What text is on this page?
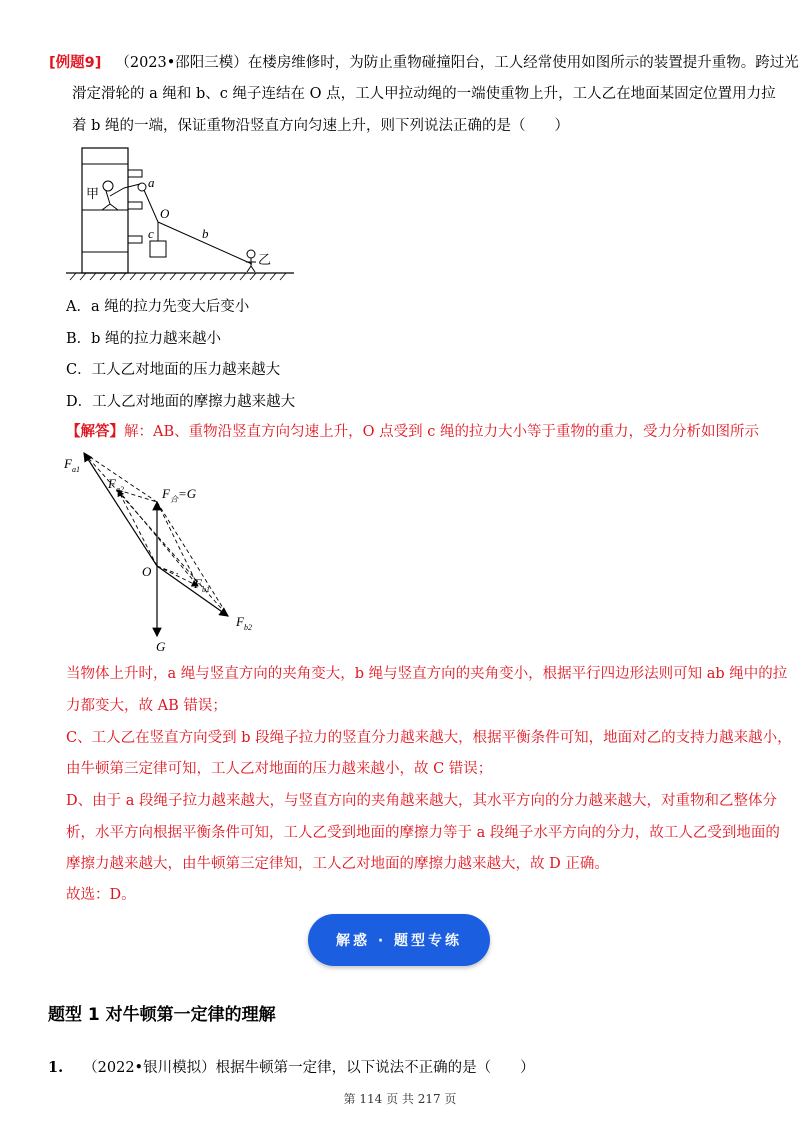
[例题9] （2023•邵阳三模）在楼房维修时，为防止重物碰撞阳台，工人经常使用如图所示的装置提升重物。跨过光
滑定滑轮的 a 绳和 b、c 绳子连结在 O 点，工人甲拉动绳的一端使重物上升，工人乙在地面某固定位置用力拉
着 b 绳的一端，保证重物沿竖直方向匀速上升，则下列说法正确的是（　　）
甲
a
O
b
c
乙
A．a 绳的拉力先变大后变小
B．b 绳的拉力越来越小
C．工人乙对地面的压力越来越大
D．工人乙对地面的摩擦力越来越大
【解答】解：AB、重物沿竖直方向匀速上升，O 点受到 c 绳的拉力大小等于重物的重力，受力分析如图所示
$F_{a1}$
$F_{a2}$	$F_合=G$
O
$F_{b1}$
$F_{b2}$
G
当物体上升时，a 绳与竖直方向的夹角变大，b 绳与竖直方向的夹角变小，根据平行四边形法则可知 ab 绳中的拉
力都变大，故 AB 错误；
C、工人乙在竖直方向受到 b 段绳子拉力的竖直分力越来越大，根据平衡条件可知，地面对乙的支持力越来越小，
由牛顿第三定律可知，工人乙对地面的压力越来越小，故 C 错误；
D、由于 a 段绳子拉力越来越大，与竖直方向的夹角越来越大，其水平方向的分力越来越大，对重物和乙整体分
析，水平方向根据平衡条件可知，工人乙受到地面的摩擦力等于 a 段绳子水平方向的分力，故工人乙受到地面的
摩擦力越来越大，由牛顿第三定律知，工人乙对地面的摩擦力越来越大，故 D 正确。
故选：D。
解惑 · 题型专练
题型 1 对牛顿第一定律的理解
1. （2022•银川模拟）根据牛顿第一定律，以下说法不正确的是（　　）
第 114 页 共 217 页
